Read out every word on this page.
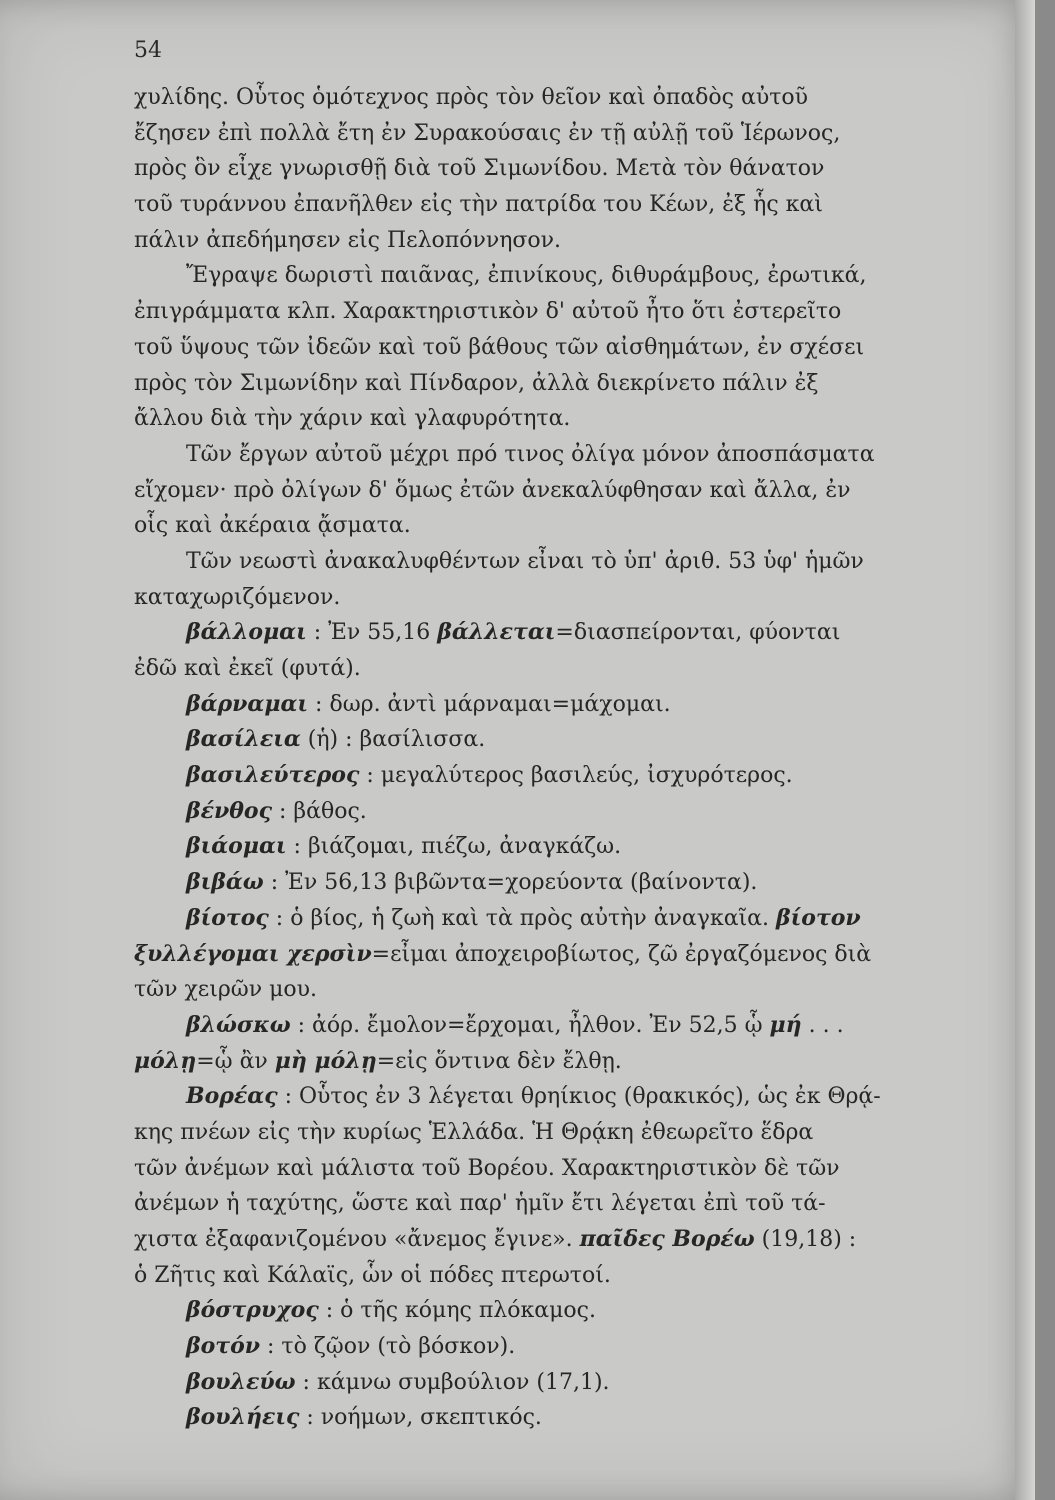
54
χυλίδης. Οὗτος ὁμότεχνος πρὸς τὸν θεῖον καὶ ὀπαδὸς αὐτοῦ
ἔζησεν ἐπὶ πολλὰ ἔτη ἐν Συρακούσαις ἐν τῇ αὐλῇ τοῦ Ἱέρωνος,
πρὸς ὃν εἶχε γνωρισθῇ διὰ τοῦ Σιμωνίδου. Μετὰ τὸν θάνατον
τοῦ τυράννου ἐπανῆλθεν εἰς τὴν πατρίδα του Κέων, ἐξ ἧς καὶ
πάλιν ἀπεδήμησεν εἰς Πελοπόννησον.
Ἔγραψε δωριστὶ παιᾶνας, ἐπινίκους, διθυράμβους, ἐρωτικά,
ἐπιγράμματα κλπ. Χαρακτηριστικὸν δ' αὐτοῦ ἦτο ὅτι ἐστερεῖτο
τοῦ ὕψους τῶν ἰδεῶν καὶ τοῦ βάθους τῶν αἰσθημάτων, ἐν σχέσει
πρὸς τὸν Σιμωνίδην καὶ Πίνδαρον, ἀλλὰ διεκρίνετο πάλιν ἐξ
ἄλλου διὰ τὴν χάριν καὶ γλαφυρότητα.
Τῶν ἔργων αὐτοῦ μέχρι πρό τινος ὀλίγα μόνον ἀποσπάσματα
εἴχομεν· πρὸ ὀλίγων δ' ὅμως ἐτῶν ἀνεκαλύφθησαν καὶ ἄλλα, ἐν
οἷς καὶ ἀκέραια ᾄσματα.
Τῶν νεωστὶ ἀνακαλυφθέντων εἶναι τὸ ὑπ' ἀριθ. 53 ὑφ' ἡμῶν
καταχωριζόμενον.
βάλλομαι : Ἐν 55,16 βάλλεται=διασπείρονται, φύονται
ἐδῶ καὶ ἐκεῖ (φυτά).
βάρναμαι : δωρ. ἀντὶ μάρναμαι=μάχομαι.
βασίλεια (ἡ) : βασίλισσα.
βασιλεύτερος : μεγαλύτερος βασιλεύς, ἰσχυρότερος.
βένθος : βάθος.
βιάομαι : βιάζομαι, πιέζω, ἀναγκάζω.
βιβάω : Ἐν 56,13 βιβῶντα=χορεύοντα (βαίνοντα).
βίοτος : ὁ βίος, ἡ ζωὴ καὶ τὰ πρὸς αὐτὴν ἀναγκαῖα. βίοτον
ξυλλέγομαι χερσὶν=εἶμαι ἀποχειροβίωτος, ζῶ ἐργαζόμενος διὰ
τῶν χειρῶν μου.
βλώσκω : ἀόρ. ἔμολον=ἔρχομαι, ἦλθον. Ἐν 52,5 ᾧ μή . . .
μόλῃ=ᾧ ἂν μὴ μόλῃ=εἰς ὅντινα δὲν ἔλθῃ.
Βορέας : Οὗτος ἐν 3 λέγεται θρηίκιος (θρακικός), ὡς ἐκ Θρᾴ-
κης πνέων εἰς τὴν κυρίως Ἑλλάδα. Ἡ Θρᾴκη ἐθεωρεῖτο ἕδρα
τῶν ἀνέμων καὶ μάλιστα τοῦ Βορέου. Χαρακτηριστικὸν δὲ τῶν
ἀνέμων ἡ ταχύτης, ὥστε καὶ παρ' ἡμῖν ἔτι λέγεται ἐπὶ τοῦ τά-
χιστα ἐξαφανιζομένου «ἄνεμος ἔγινε». παῖδες Βορέω (19,18) :
ὁ Ζῆτις καὶ Κάλαϊς, ὧν οἱ πόδες πτερωτοί.
βόστρυχος : ὁ τῆς κόμης πλόκαμος.
βοτόν : τὸ ζῷον (τὸ βόσκον).
βουλεύω : κάμνω συμβούλιον (17,1).
βουλήεις : νοήμων, σκεπτικός.
